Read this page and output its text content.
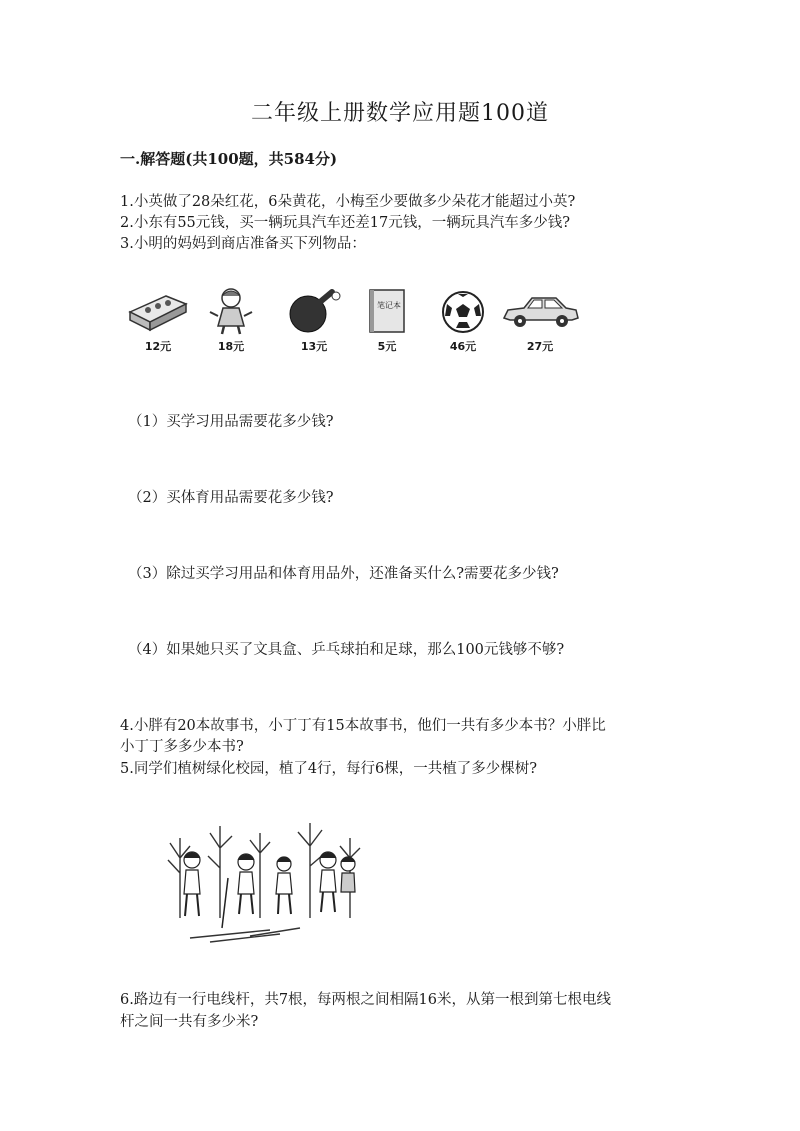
二年级上册数学应用题100道
一.解答题(共100题，共584分)
1.小英做了28朵红花，6朵黄花，小梅至少要做多少朵花才能超过小英?
2.小东有55元钱，买一辆玩具汽车还差17元钱，一辆玩具汽车多少钱?
3.小明的妈妈到商店准备买下列物品：
12元	18元	13元
笔记本
5元	46元	27元
（1）买学习用品需要花多少钱?
（2）买体育用品需要花多少钱?
（3）除过买学习用品和体育用品外，还准备买什么?需要花多少钱?
（4）如果她只买了文具盒、乒乓球拍和足球，那么100元钱够不够?
4.小胖有20本故事书，小丁丁有15本故事书，他们一共有多少本书？小胖比
小丁丁多多少本书?
5.同学们植树绿化校园，植了4行，每行6棵，一共植了多少棵树?
6.路边有一行电线杆，共7根，每两根之间相隔16米，从第一根到第七根电线
杆之间一共有多少米?
